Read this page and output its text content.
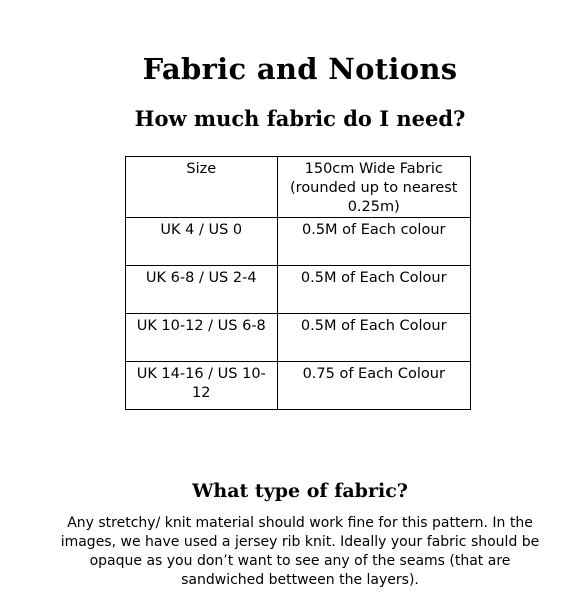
Fabric and Notions
How much fabric do I need?
Size	150cm Wide Fabric (rounded up to nearest 0.25m)
UK 4 / US 0	0.5M of Each colour
UK 6-8 / US 2-4	0.5M of Each Colour
UK 10-12 / US 6-8	0.5M of Each Colour
UK 14-16 / US 10-12	0.75 of Each Colour
What type of fabric?

Any stretchy/ knit material should work fine for this pattern. In the images, we have used a jersey rib knit. Ideally your fabric should be opaque as you don’t want to see any of the seams (that are sandwiched bettween the layers).
